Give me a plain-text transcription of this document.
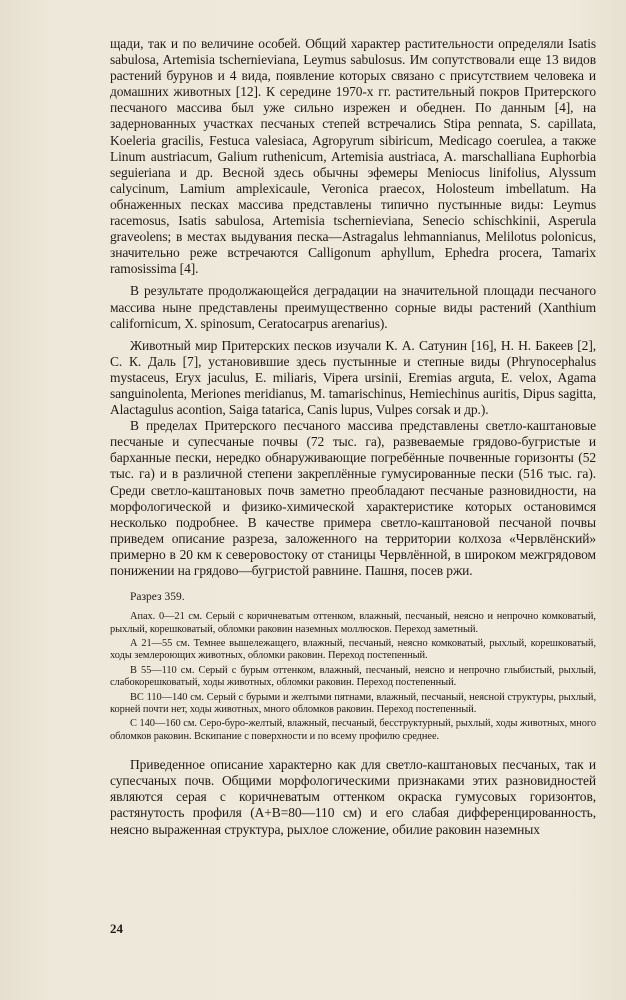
щади, так и по величине особей. Общий характер растительности определяли Isatis sabulosa, Artemisia tschernieviana, Leymus sabulosus. Им сопутствовали еще 13 видов растений бурунов и 4 вида, появление которых связано с присутствием человека и домашних животных [12]. К середине 1970-х гг. растительный покров Притерского песчаного массива был уже сильно изрежен и обеднен. По данным [4], на задернованных участках песчаных степей встречались Stipa pennata, S. capillata, Koeleria gracilis, Festuca valesiaca, Agropyrum sibiricum, Medicago coerulea, а также Linum austriacum, Galium ruthenicum, Artemisia austriaca, A. marschalliana Euphorbia seguieriana и др. Весной здесь обычны эфемеры Meniocus linifolius, Alyssum calycinum, Lamium amplexicaule, Veronica praecox, Holosteum imbellatum. На обнаженных песках массива представлены типично пустынные виды: Leymus racemosus, Isatis sabulosa, Artemisia tschernieviana, Senecio schischkinii, Asperula graveolens; в местах выдувания песка—Astragalus lehmannianus, Melilotus polonicus, значительно реже встречаются Calligonum aphyllum, Ephedra procera, Tamarix ramosissima [4].

В результате продолжающейся деградации на значительной площади песчаного массива ныне представлены преимущественно сорные виды растений (Xanthium californicum, X. spinosum, Ceratocarpus arenarius).

Животный мир Притерских песков изучали К. А. Сатунин [16], Н. Н. Бакеев [2], С. К. Даль [7], установившие здесь пустынные и степные виды (Phrynocephalus mystaceus, Eryx jaculus, E. miliaris, Vipera ursinii, Eremias arguta, E. velox, Agama sanguinolenta, Meriones meridianus, M. tamarischinus, Hemiechinus auritis, Dipus sagitta, Alactagulus acontion, Saiga tatarica, Canis lupus, Vulpes corsak и др.).

В пределах Притерского песчаного массива представлены светло-каштановые песчаные и супесчаные почвы (72 тыс. га), развеваемые грядово-бугристые и барханные пески, нередко обнаруживающие погребённые почвенные горизонты (52 тыс. га) и в различной степени закреплённые гумусированные пески (516 тыс. га). Среди светло-каштановых почв заметно преобладают песчаные разновидности, на морфологической и физико-химической характеристике которых остановимся несколько подробнее. В качестве примера светло-каштановой песчаной почвы приведем описание разреза, заложенного на территории колхоза «Червлёнский» примерно в 20 км к северовостоку от станицы Червлённой, в широком межгрядовом понижении на грядово—бугристой равнине. Пашня, посев ржи.

Разрез 359.

Апах. 0—21 см. Серый с коричневатым оттенком, влажный, песчаный, неясно и непрочно комковатый, рыхлый, корешковатый, обломки раковин наземных моллюсков. Переход заметный.

А 21—55 см. Темнее вышележащего, влажный, песчаный, неясно комковатый, рыхлый, корешковатый, ходы землероющих животных, обломки раковин. Переход постепенный.

В 55—110 см. Серый с бурым оттенком, влажный, песчаный, неясно и непрочно глыбистый, рыхлый, слабокорешковатый, ходы животных, обломки раковин. Переход постепенный.

ВС 110—140 см. Серый с бурыми и желтыми пятнами, влажный, песчаный, неясной структуры, рыхлый, корней почти нет, ходы животных, много обломков раковин. Переход постепенный.

С 140—160 см. Серо-буро-желтый, влажный, песчаный, бесструктурный, рыхлый, ходы животных, много обломков раковин. Вскипание с поверхности и по всему профилю среднее.

Приведенное описание характерно как для светло-каштановых песчаных, так и супесчаных почв. Общими морфологическими признаками этих разновидностей являются серая с коричневатым оттенком окраска гумусовых горизонтов, растянутость профиля (А+В=80—110 см) и его слабая дифференцированность, неясно выраженная структура, рыхлое сложение, обилие раковин наземных

24
